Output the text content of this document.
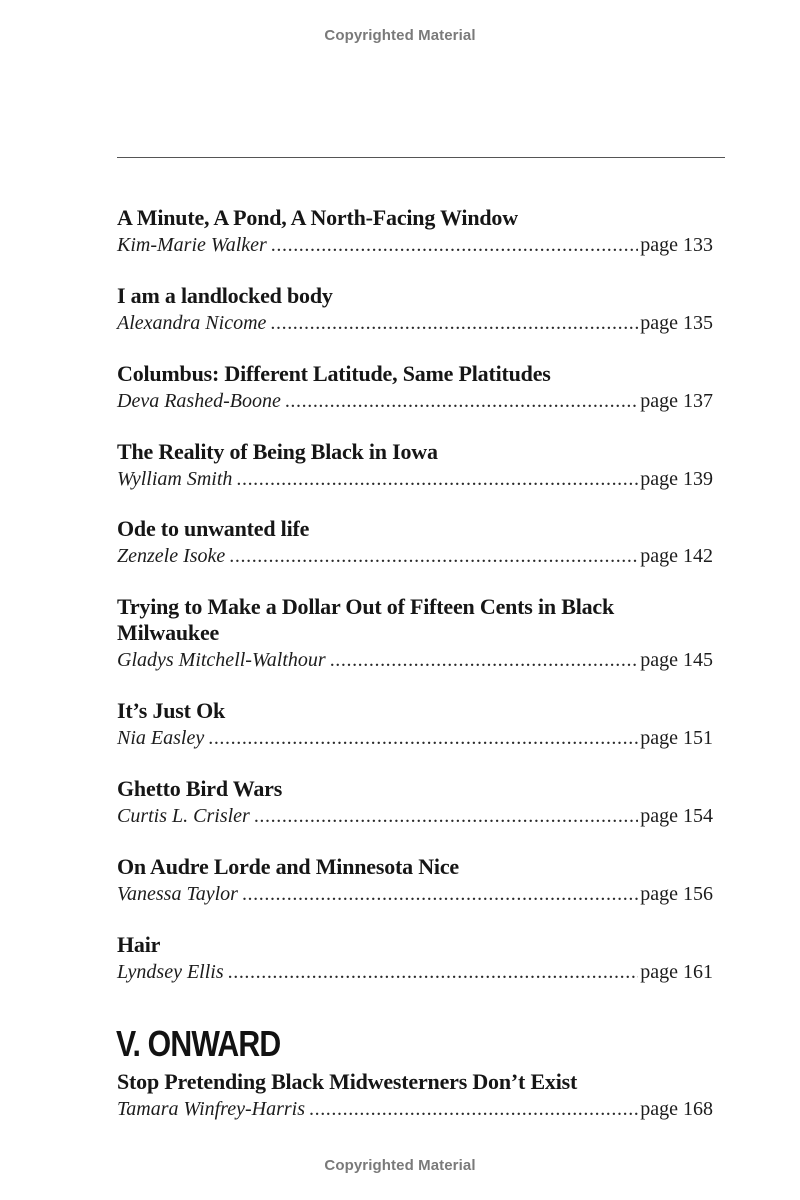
Copyrighted Material
A Minute, A Pond, A North-Facing Window
Kim-Marie Walker .....	page 133
I am a landlocked body
Alexandra Nicome .....	page 135
Columbus: Different Latitude, Same Platitudes
Deva Rashed-Boone .....	page 137
The Reality of Being Black in Iowa
Wylliam Smith .....	page 139
Ode to unwanted life
Zenzele Isoke .....	page 142
Trying to Make a Dollar Out of Fifteen Cents in Black Milwaukee
Gladys Mitchell-Walthour .....	page 145
It’s Just Ok
Nia Easley .....	page 151
Ghetto Bird Wars
Curtis L. Crisler .....	page 154
On Audre Lorde and Minnesota Nice
Vanessa Taylor .....	page 156
Hair
Lyndsey Ellis .....	page 161
V. ONWARD
Stop Pretending Black Midwesterners Don’t Exist
Tamara Winfrey-Harris .....	page 168
Copyrighted Material
